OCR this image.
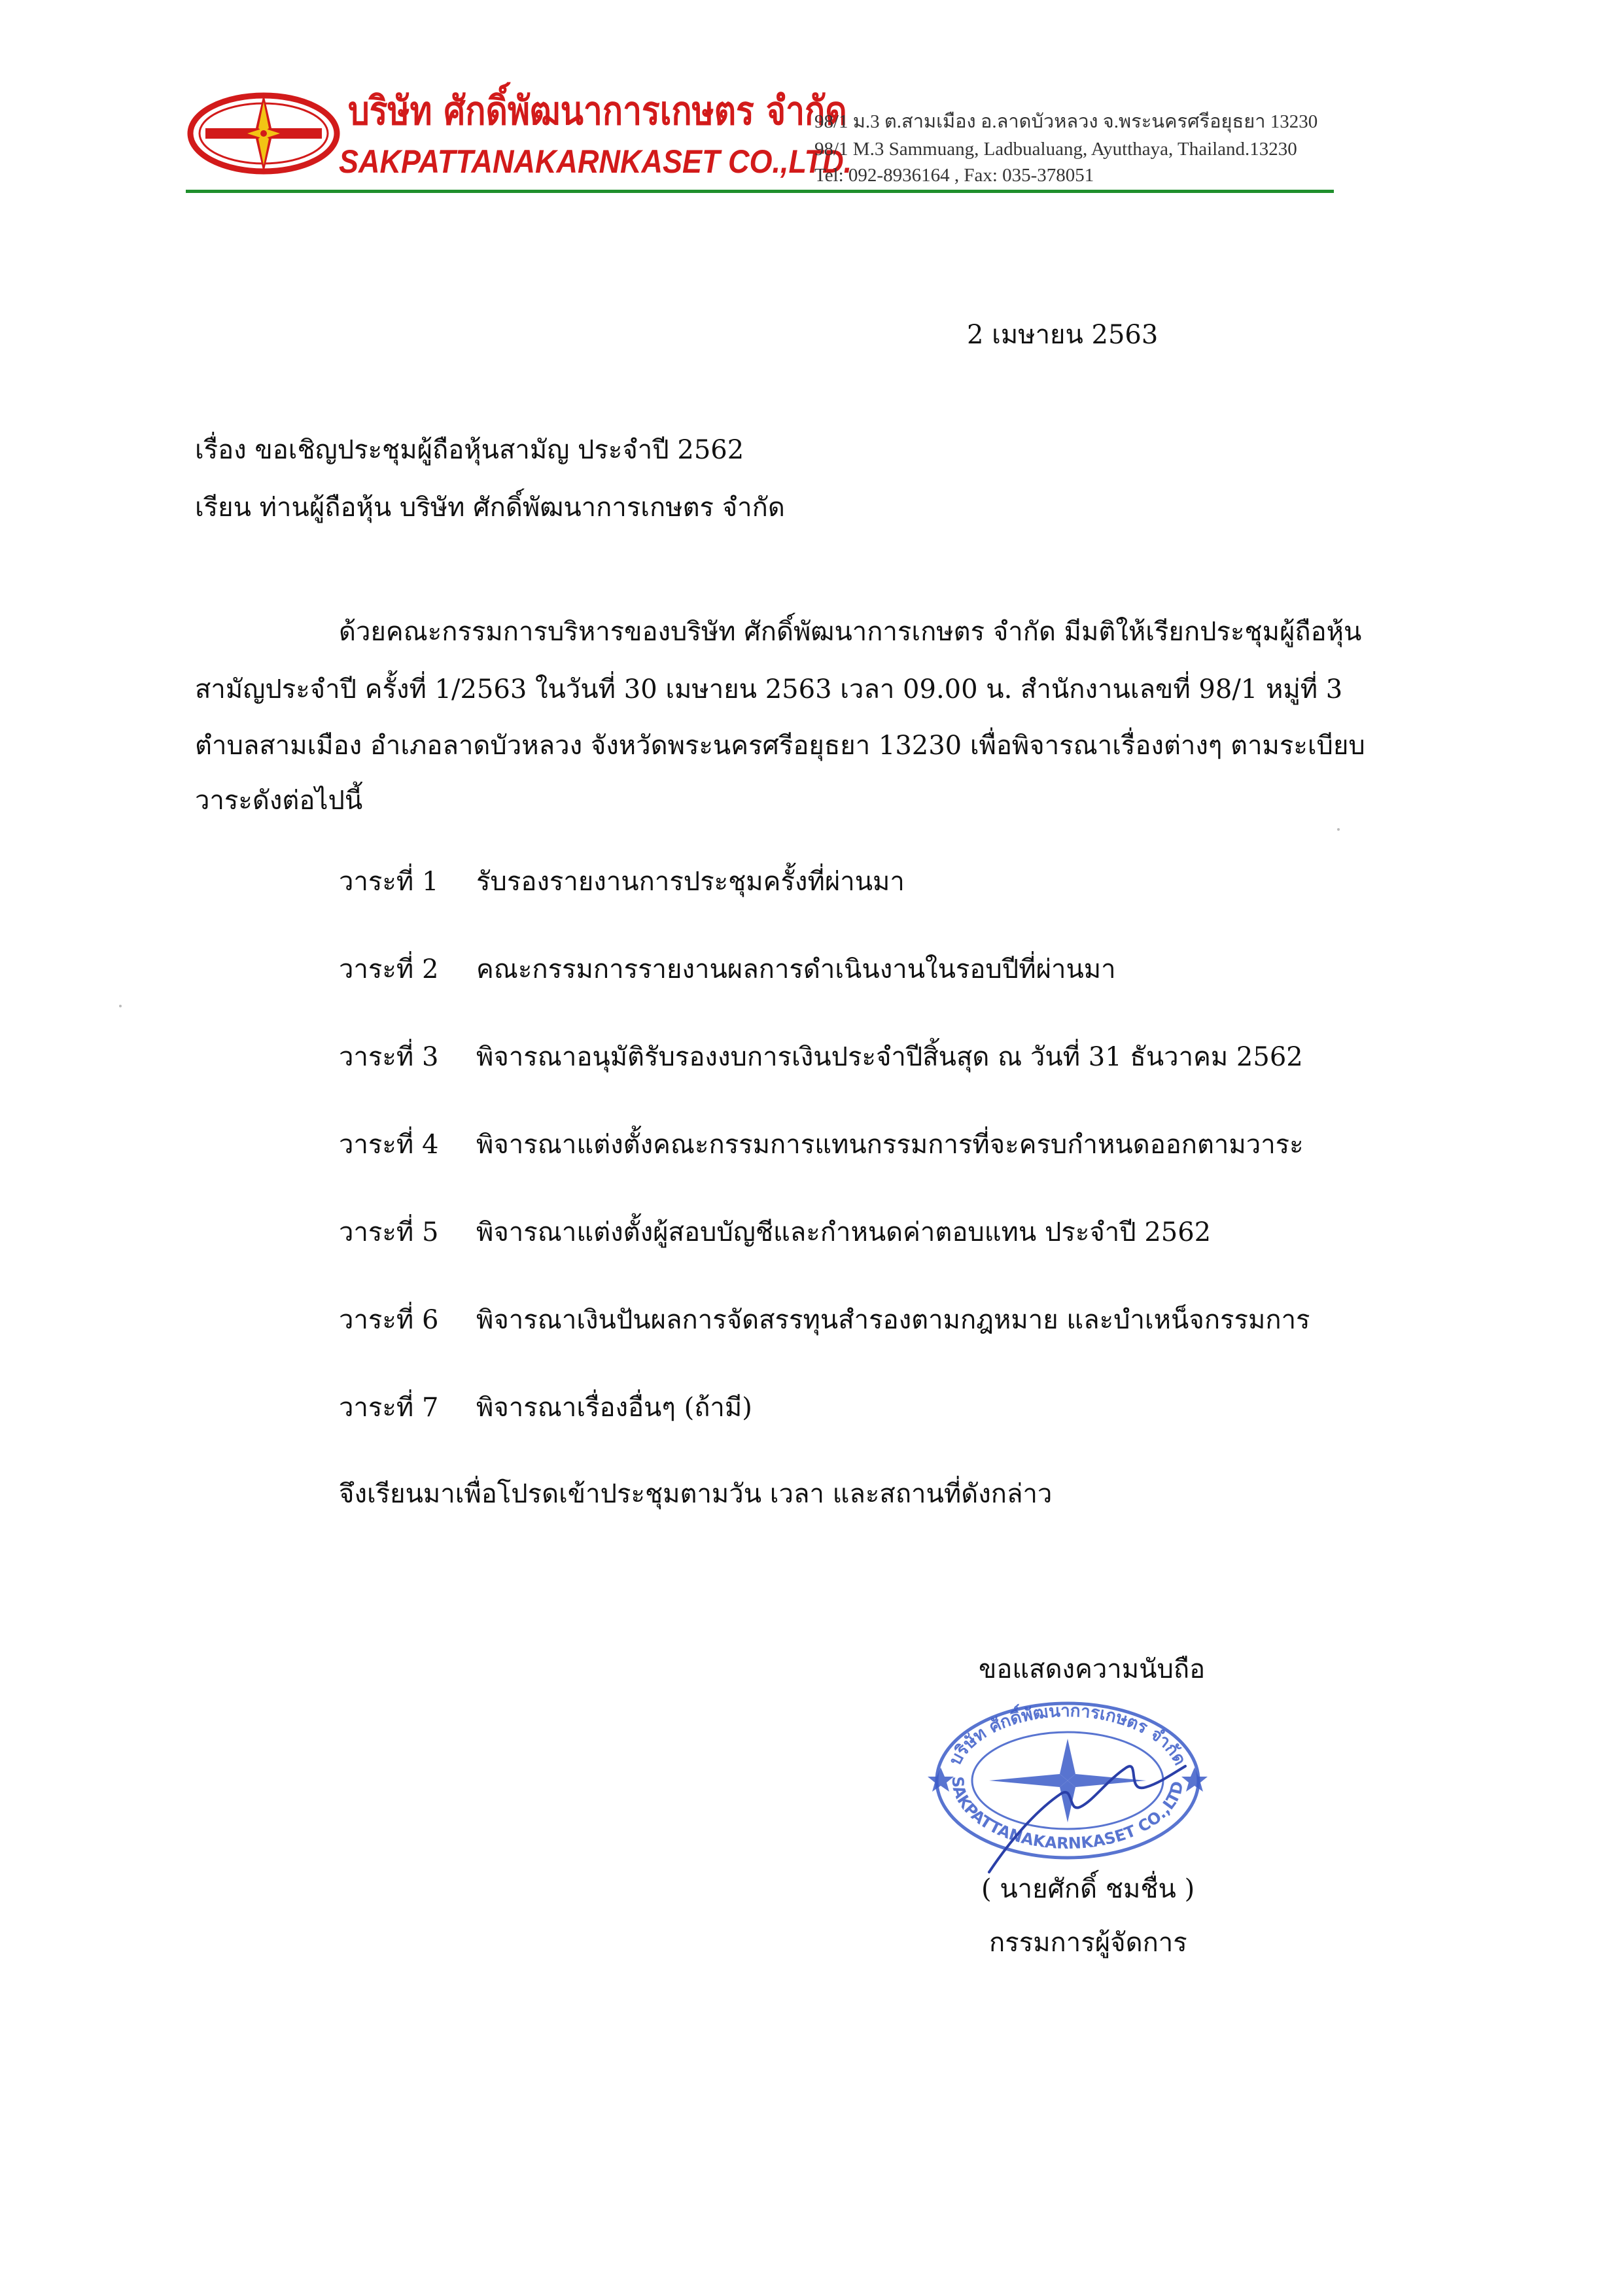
บริษัท ศักดิ์พัฒนาการเกษตร จำกัด
SAKPATTANAKARNKASET CO.,LTD.
98/1 ม.3 ต.สามเมือง อ.ลาดบัวหลวง จ.พระนครศรีอยุธยา 13230
98/1 M.3 Sammuang, Ladbualuang, Ayutthaya, Thailand.13230
Tel: 092-8936164 , Fax: 035-378051
2 เมษายน 2563
เรื่อง ขอเชิญประชุมผู้ถือหุ้นสามัญ ประจำปี 2562
เรียน ท่านผู้ถือหุ้น บริษัท ศักดิ์พัฒนาการเกษตร จำกัด
ด้วยคณะกรรมการบริหารของบริษัท ศักดิ์พัฒนาการเกษตร จำกัด มีมติให้เรียกประชุมผู้ถือหุ้น
สามัญประจำปี ครั้งที่ 1/2563 ในวันที่ 30 เมษายน 2563 เวลา 09.00 น. สำนักงานเลขที่ 98/1 หมู่ที่ 3
ตำบลสามเมือง อำเภอลาดบัวหลวง จังหวัดพระนครศรีอยุธยา 13230 เพื่อพิจารณาเรื่องต่างๆ ตามระเบียบ
วาระดังต่อไปนี้
วาระที่ 1 รับรองรายงานการประชุมครั้งที่ผ่านมา
วาระที่ 2 คณะกรรมการรายงานผลการดำเนินงานในรอบปีที่ผ่านมา
วาระที่ 3 พิจารณาอนุมัติรับรองงบการเงินประจำปีสิ้นสุด ณ วันที่ 31 ธันวาคม 2562
วาระที่ 4 พิจารณาแต่งตั้งคณะกรรมการแทนกรรมการที่จะครบกำหนดออกตามวาระ
วาระที่ 5 พิจารณาแต่งตั้งผู้สอบบัญชีและกำหนดค่าตอบแทน ประจำปี 2562
วาระที่ 6 พิจารณาเงินปันผลการจัดสรรทุนสำรองตามกฎหมาย และบำเหน็จกรรมการ
วาระที่ 7 พิจารณาเรื่องอื่นๆ (ถ้ามี)
จึงเรียนมาเพื่อโปรดเข้าประชุมตามวัน เวลา และสถานที่ดังกล่าว
ขอแสดงความนับถือ
บริษัท ศักดิ์พัฒนาการเกษตร จำกัด
SAKPATTANAKARNKASET CO.,LTD
( นายศักดิ์ ชมชื่น )
กรรมการผู้จัดการ
